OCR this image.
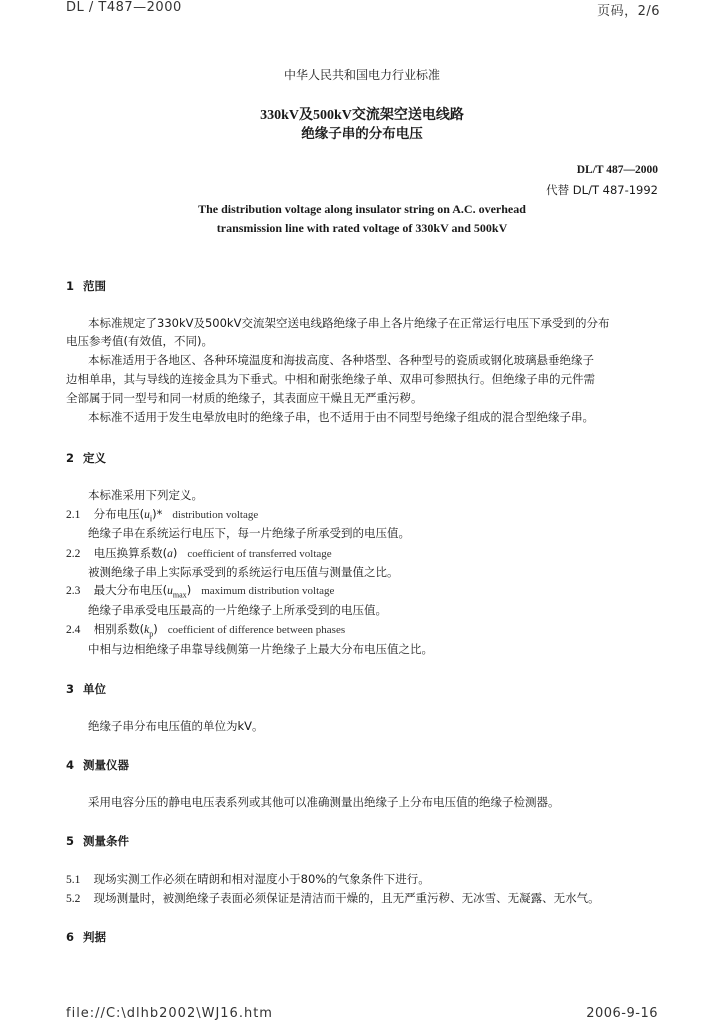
DL / T487—2000	页码，2/6
中华人民共和国电力行业标准
330kV及500kV交流架空送电线路
绝缘子串的分布电压
DL/T 487—2000
代替 DL/T 487-1992
The distribution voltage along insulator string on A.C. overhead
transmission line with rated voltage of 330kV and 500kV
1 范围
本标准规定了330kV及500kV交流架空送电线路绝缘子串上各片绝缘子在正常运行电压下承受到的分布
电压参考值(有效值，不同)。
本标准适用于各地区、各种环境温度和海拔高度、各种塔型、各种型号的瓷质或钢化玻璃悬垂绝缘子
边相单串，其与导线的连接金具为下垂式。中相和耐张绝缘子单、双串可参照执行。但绝缘子串的元件需
全部属于同一型号和同一材质的绝缘子，其表面应干燥且无严重污秽。
本标准不适用于发生电晕放电时的绝缘子串，也不适用于由不同型号绝缘子组成的混合型绝缘子串。
2 定义
本标准采用下列定义。
2.1 分布电压$(u_i)*$ distribution voltage
绝缘子串在系统运行电压下，每一片绝缘子所承受到的电压值。
2.2 电压换算系数(a) coefficient of transferred voltage
被测绝缘子串上实际承受到的系统运行电压值与测量值之比。
2.3 最大分布电压$(u_{max})$ maximum distribution voltage
绝缘子串承受电压最高的一片绝缘子上所承受到的电压值。
2.4 相别系数$(k_p)$ coefficient of difference between phases
中相与边相绝缘子串靠导线侧第一片绝缘子上最大分布电压值之比。
3 单位
绝缘子串分布电压值的单位为kV。
4 测量仪器
采用电容分压的静电电压表系列或其他可以准确测量出绝缘子上分布电压值的绝缘子检测器。
5 测量条件
5.1 现场实测工作必须在晴朗和相对湿度小于80%的气象条件下进行。
5.2 现场测量时，被测绝缘子表面必须保证是清洁而干燥的，且无严重污秽、无冰雪、无凝露、无水气。
6 判据
file://C:\dlhb2002\WJ16.htm	2006-9-16
